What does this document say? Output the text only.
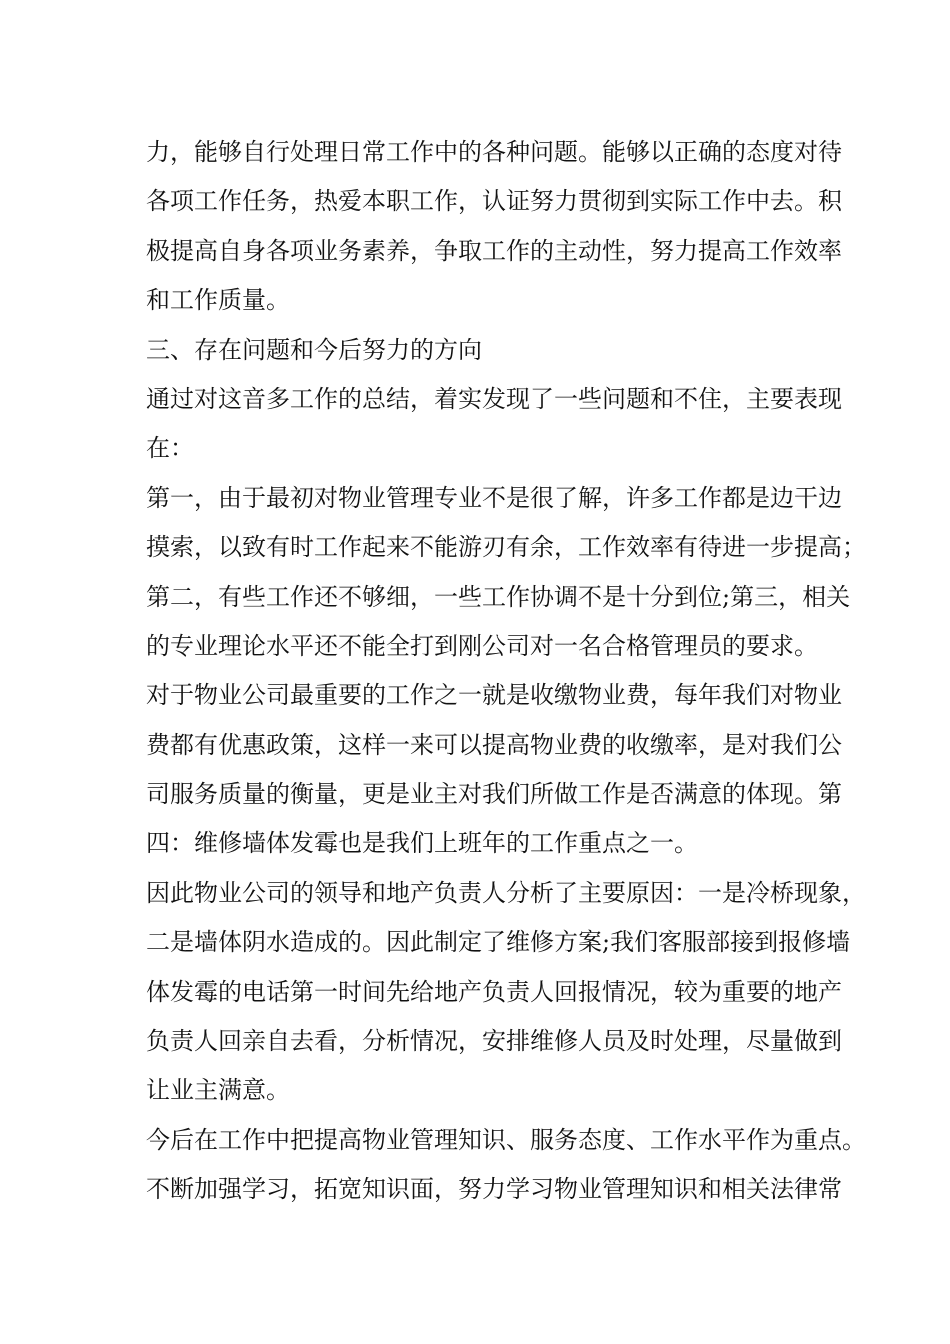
力，能够自行处理日常工作中的各种问题。能够以正确的态度对待
各项工作任务，热爱本职工作，认证努力贯彻到实际工作中去。积
极提高自身各项业务素养，争取工作的主动性，努力提高工作效率
和工作质量。
三、存在问题和今后努力的方向
通过对这音多工作的总结，着实发现了一些问题和不住，主要表现
在：
第一，由于最初对物业管理专业不是很了解，许多工作都是边干边
摸索，以致有时工作起来不能游刃有余，工作效率有待进一步提高；
第二，有些工作还不够细，一些工作协调不是十分到位;第三，相关
的专业理论水平还不能全打到刚公司对一名合格管理员的要求。
对于物业公司最重要的工作之一就是收缴物业费，每年我们对物业
费都有优惠政策，这样一来可以提高物业费的收缴率，是对我们公
司服务质量的衡量，更是业主对我们所做工作是否满意的体现。第
四：维修墙体发霉也是我们上班年的工作重点之一。
因此物业公司的领导和地产负责人分析了主要原因：一是冷桥现象，
二是墙体阴水造成的。因此制定了维修方案;我们客服部接到报修墙
体发霉的电话第一时间先给地产负责人回报情况，较为重要的地产
负责人回亲自去看，分析情况，安排维修人员及时处理，尽量做到
让业主满意。
今后在工作中把提高物业管理知识、服务态度、工作水平作为重点。
不断加强学习，拓宽知识面，努力学习物业管理知识和相关法律常
